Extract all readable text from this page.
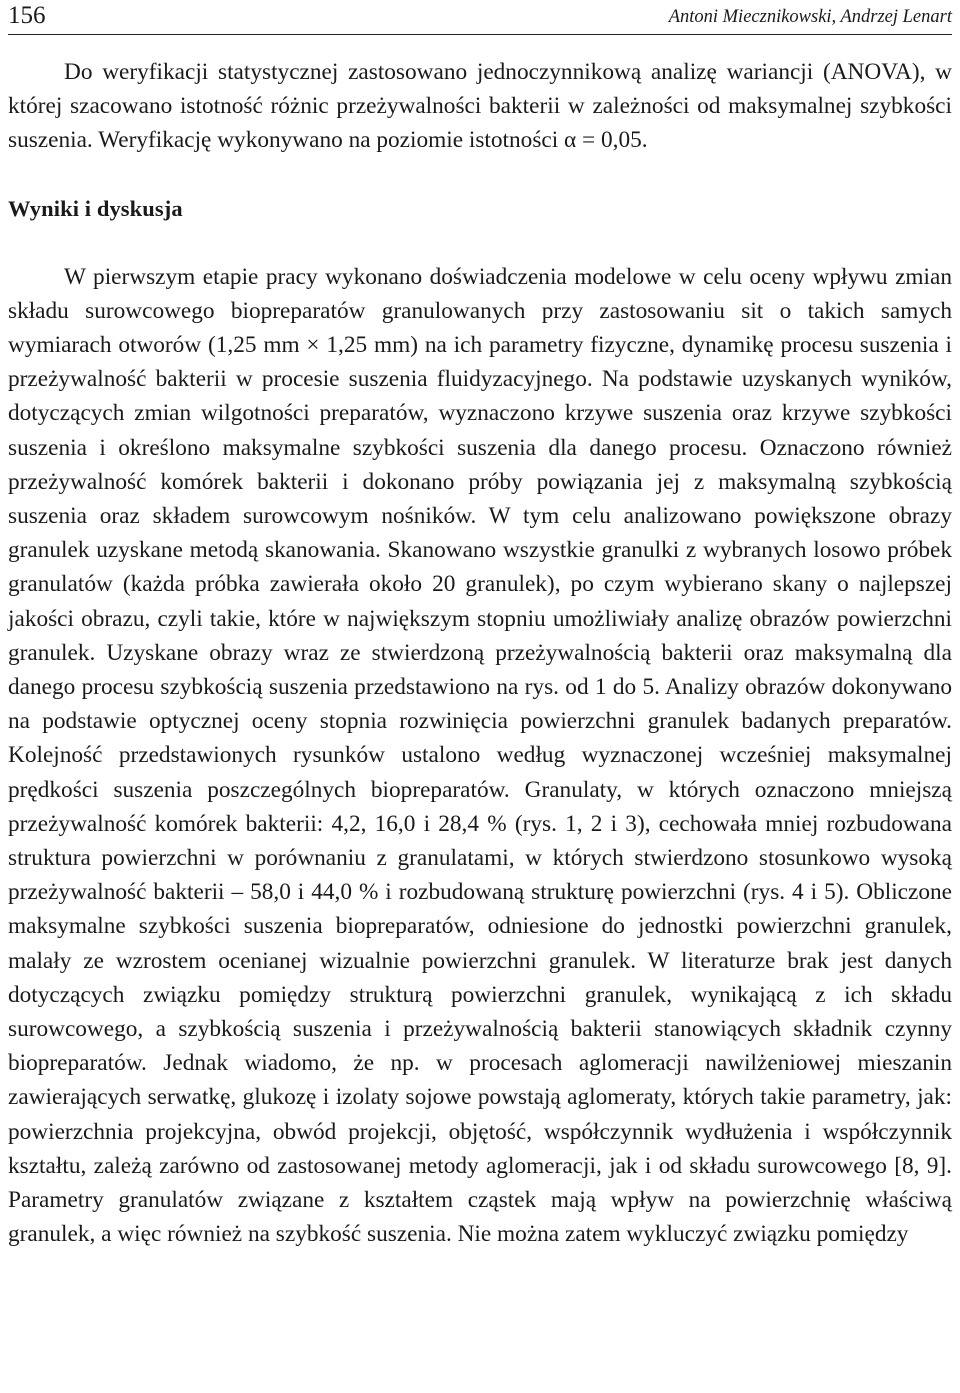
156	Antoni Miecznikowski, Andrzej Lenart

Do weryfikacji statystycznej zastosowano jednoczynnikową analizę wariancji (ANOVA), w której szacowano istotność różnic przeżywalności bakterii w zależności od maksymalnej szybkości suszenia. Weryfikację wykonywano na poziomie istotności α = 0,05.

Wyniki i dyskusja

W pierwszym etapie pracy wykonano doświadczenia modelowe w celu oceny wpływu zmian składu surowcowego biopreparatów granulowanych przy zastosowaniu sit o takich samych wymiarach otworów (1,25 mm × 1,25 mm) na ich parametry fizyczne, dynamikę procesu suszenia i przeżywalność bakterii w procesie suszenia fluidyzacyjnego. Na podstawie uzyskanych wyników, dotyczących zmian wilgotności preparatów, wyznaczono krzywe suszenia oraz krzywe szybkości suszenia i określono maksymalne szybkości suszenia dla danego procesu. Oznaczono również przeżywalność komórek bakterii i dokonano próby powiązania jej z maksymalną szybkością suszenia oraz składem surowcowym nośników. W tym celu analizowano powiększone obrazy granulek uzyskane metodą skanowania. Skanowano wszystkie granulki z wybranych losowo próbek granulatów (każda próbka zawierała około 20 granulek), po czym wybierano skany o najlepszej jakości obrazu, czyli takie, które w największym stopniu umożliwiały analizę obrazów powierzchni granulek. Uzyskane obrazy wraz ze stwierdzoną przeżywalnością bakterii oraz maksymalną dla danego procesu szybkością suszenia przedstawiono na rys. od 1 do 5. Analizy obrazów dokonywano na podstawie optycznej oceny stopnia rozwinięcia powierzchni granulek badanych preparatów. Kolejność przedstawionych rysunków ustalono według wyznaczonej wcześniej maksymalnej prędkości suszenia poszczególnych biopreparatów. Granulaty, w których oznaczono mniejszą przeżywalność komórek bakterii: 4,2, 16,0 i 28,4 % (rys. 1, 2 i 3), cechowała mniej rozbudowana struktura powierzchni w porównaniu z granulatami, w których stwierdzono stosunkowo wysoką przeżywalność bakterii – 58,0 i 44,0 % i rozbudowaną strukturę powierzchni (rys. 4 i 5). Obliczone maksymalne szybkości suszenia biopreparatów, odniesione do jednostki powierzchni granulek, malały ze wzrostem ocenianej wizualnie powierzchni granulek. W literaturze brak jest danych dotyczących związku pomiędzy strukturą powierzchni granulek, wynikającą z ich składu surowcowego, a szybkością suszenia i przeżywalnością bakterii stanowiących składnik czynny biopreparatów. Jednak wiadomo, że np. w procesach aglomeracji nawilżeniowej mieszanin zawierających serwatkę, glukozę i izolaty sojowe powstają aglomeraty, których takie parametry, jak: powierzchnia projekcyjna, obwód projekcji, objętość, współczynnik wydłużenia i współczynnik kształtu, zależą zarówno od zastosowanej metody aglomeracji, jak i od składu surowcowego [8, 9]. Parametry granulatów związane z kształtem cząstek mają wpływ na powierzchnię właściwą granulek, a więc również na szybkość suszenia. Nie można zatem wykluczyć związku pomiędzy
